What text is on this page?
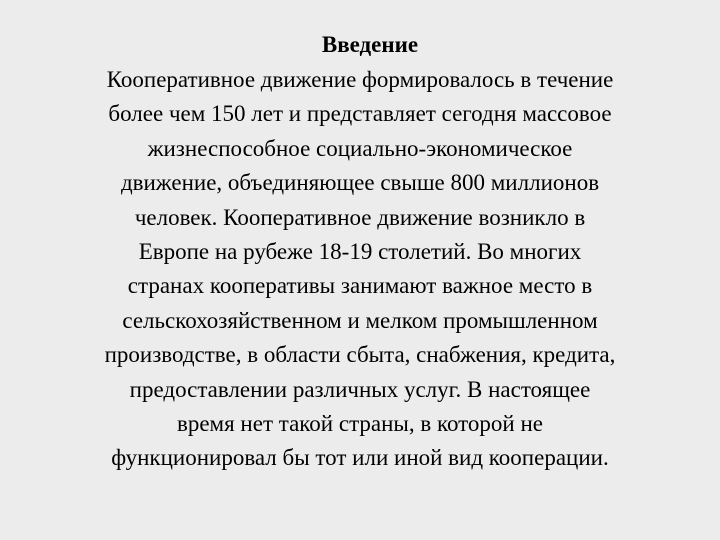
Введение
Кооперативное движение формировалось в течение
более чем 150 лет и представляет сегодня массовое
жизнеспособное социально-экономическое
движение, объединяющее свыше 800 миллионов
человек. Кооперативное движение возникло в
Европе на рубеже 18-19 столетий. Во многих
странах кооперативы занимают важное место в
сельскохозяйственном и мелком промышленном
производстве, в области сбыта, снабжения, кредита,
предоставлении различных услуг. В настоящее
время нет такой страны, в которой не
функционировал бы тот или иной вид кооперации.
